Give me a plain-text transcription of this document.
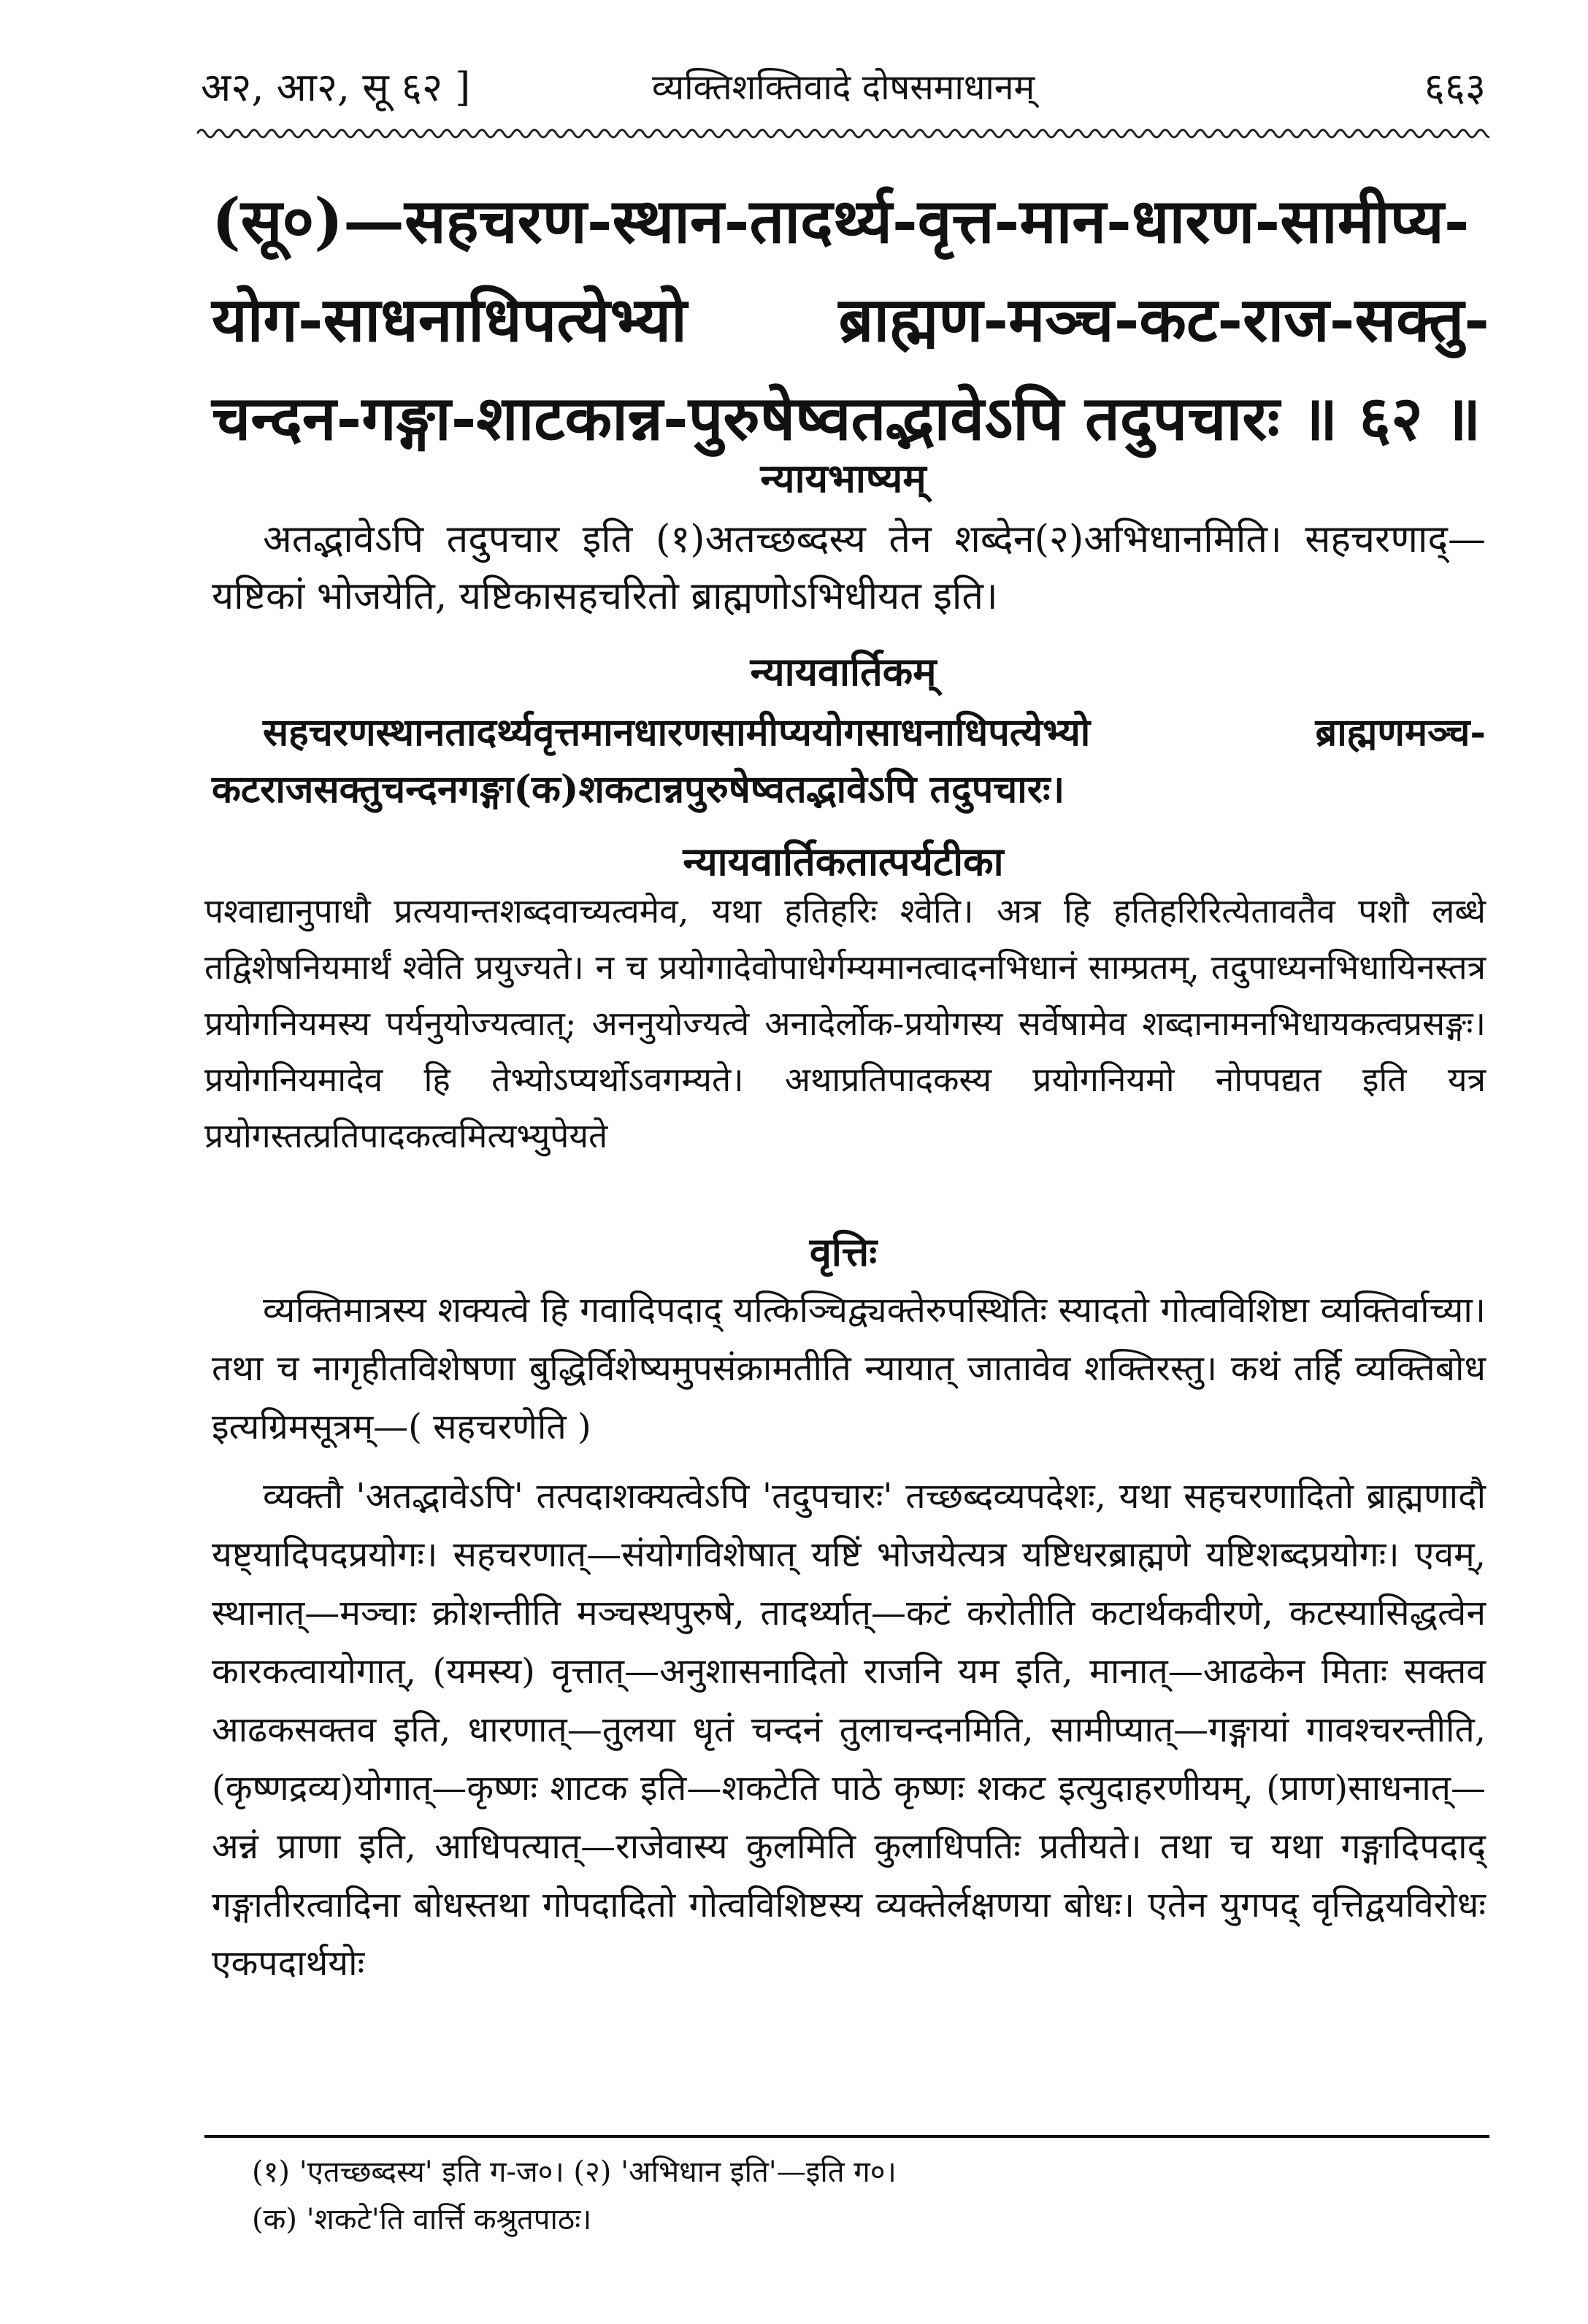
अ२, आ२, सू ६२ ]	व्यक्तिशक्तिवादे दोषसमाधानम्	६६३
(सू०)—सहचरण-स्थान-तादर्थ्य-वृत्त-मान-धारण-सामीप्य-योग-साधनाधिपत्येभ्यो ब्राह्मण-मञ्च-कट-राज-सक्तु-चन्दन-गङ्गा-शाटकान्न-पुरुषेष्वतद्भावेऽपि तदुपचारः ॥ ६२ ॥
न्यायभाष्यम्
अतद्भावेऽपि तदुपचार इति (१)अतच्छब्दस्य तेन शब्देन(२)अभिधानमिति। सहचरणाद्—यष्टिकां भोजयेति, यष्टिकासहचरितो ब्राह्मणोऽभिधीयत इति।
न्यायवार्तिकम्
सहचरणस्थानतादर्थ्यवृत्तमानधारणसामीप्ययोगसाधनाधिपत्येभ्यो ब्राह्मणमञ्च-कटराजसक्तुचन्दनगङ्गा(क)शकटान्नपुरुषेष्वतद्भावेऽपि तदुपचारः।
न्यायवार्तिकतात्पर्यटीका
पश्वाद्यानुपाधौ प्रत्ययान्तशब्दवाच्यत्वमेव, यथा हतिहरिः श्वेति। अत्र हि हतिहरिरित्येतावतैव पशौ लब्धे तद्विशेषनियमार्थं श्वेति प्रयुज्यते। न च प्रयोगादेवोपाधेर्गम्यमानत्वादनभिधानं साम्प्रतम्, तदुपाध्यनभिधायिनस्तत्र प्रयोगनियमस्य पर्यनुयोज्यत्वात्; अननुयोज्यत्वे अनादेर्लोक-प्रयोगस्य सर्वेषामेव शब्दानामनभिधायकत्वप्रसङ्गः। प्रयोगनियमादेव हि तेभ्योऽप्यर्थोऽवगम्यते। अथाप्रतिपादकस्य प्रयोगनियमो नोपपद्यत इति यत्र प्रयोगस्तत्प्रतिपादकत्वमित्यभ्युपेयते
वृत्तिः
व्यक्तिमात्रस्य शक्यत्वे हि गवादिपदाद् यत्किञ्चिद्व्यक्तेरुपस्थितिः स्यादतो गोत्वविशिष्टा व्यक्तिर्वाच्या। तथा च नागृहीतविशेषणा बुद्धिर्विशेष्यमुपसंक्रामतीति न्यायात् जातावेव शक्तिरस्तु। कथं तर्हि व्यक्तिबोध इत्यग्रिमसूत्रम्—( सहचरणेति )
व्यक्तौ 'अतद्भावेऽपि' तत्पदाशक्यत्वेऽपि 'तदुपचारः' तच्छब्दव्यपदेशः, यथा सहचरणादितो ब्राह्मणादौ यष्ट्यादिपदप्रयोगः। सहचरणात्—संयोगविशेषात् यष्टिं भोजयेत्यत्र यष्टिधरब्राह्मणे यष्टिशब्दप्रयोगः। एवम्, स्थानात्—मञ्चाः क्रोशन्तीति मञ्चस्थपुरुषे, तादर्थ्यात्—कटं करोतीति कटार्थकवीरणे, कटस्यासिद्धत्वेन कारकत्वायोगात्, (यमस्य) वृत्तात्—अनुशासनादितो राजनि यम इति, मानात्—आढकेन मिताः सक्तव आढकसक्तव इति, धारणात्—तुलया धृतं चन्दनं तुलाचन्दनमिति, सामीप्यात्—गङ्गायां गावश्चरन्तीति, (कृष्णद्रव्य)योगात्—कृष्णः शाटक इति—शकटेति पाठे कृष्णः शकट इत्युदाहरणीयम्, (प्राण)साधनात्—अन्नं प्राणा इति, आधिपत्यात्—राजेवास्य कुलमिति कुलाधिपतिः प्रतीयते। तथा च यथा गङ्गादिपदाद् गङ्गातीरत्वादिना बोधस्तथा गोपदादितो गोत्वविशिष्टस्य व्यक्तेर्लक्षणया बोधः। एतेन युगपद् वृत्तिद्वयविरोधः एकपदार्थयोः
(१) 'एतच्छब्दस्य' इति ग-ज०। (२) 'अभिधान इति'—इति ग०।
(क) 'शकटे'ति वार्त्ति कश्रुतपाठः।
